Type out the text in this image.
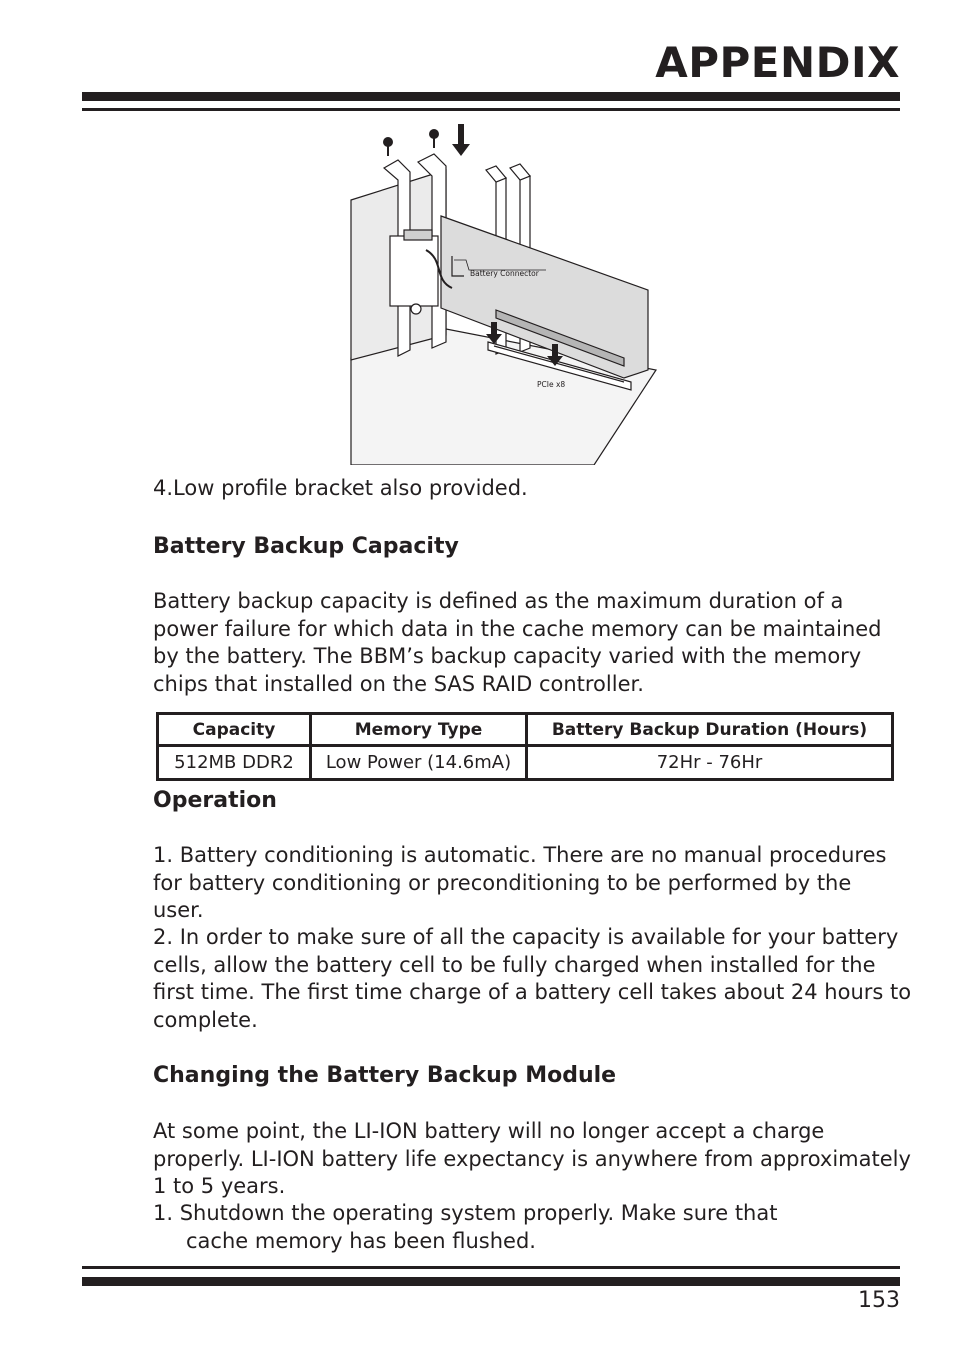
APPENDIX
Battery Connector
PCIe x8

4.Low profile bracket also provided.

Battery Backup Capacity

Battery backup capacity is defined as the maximum duration of a power failure for which data in the cache memory can be maintained by the battery. The BBM’s backup capacity varied with the memory chips that installed on the SAS RAID controller.

Capacity	Memory Type	Battery Backup Duration (Hours)
512MB DDR2	Low Power (14.6mA)	72Hr - 76Hr
Operation

1. Battery conditioning is automatic. There are no manual procedures for battery conditioning or preconditioning to be performed by the user.

2. In order to make sure of all the capacity is available for your battery cells, allow the battery cell to be fully charged when installed for the first time. The first time charge of a battery cell takes about 24 hours to complete.

Changing the Battery Backup Module

At some point, the LI-ION battery will no longer accept a charge properly. LI-ION battery life expectancy is anywhere from approximately 1 to 5 years.

1. Shutdown the operating system properly. Make sure that
cache memory has been flushed.

153
